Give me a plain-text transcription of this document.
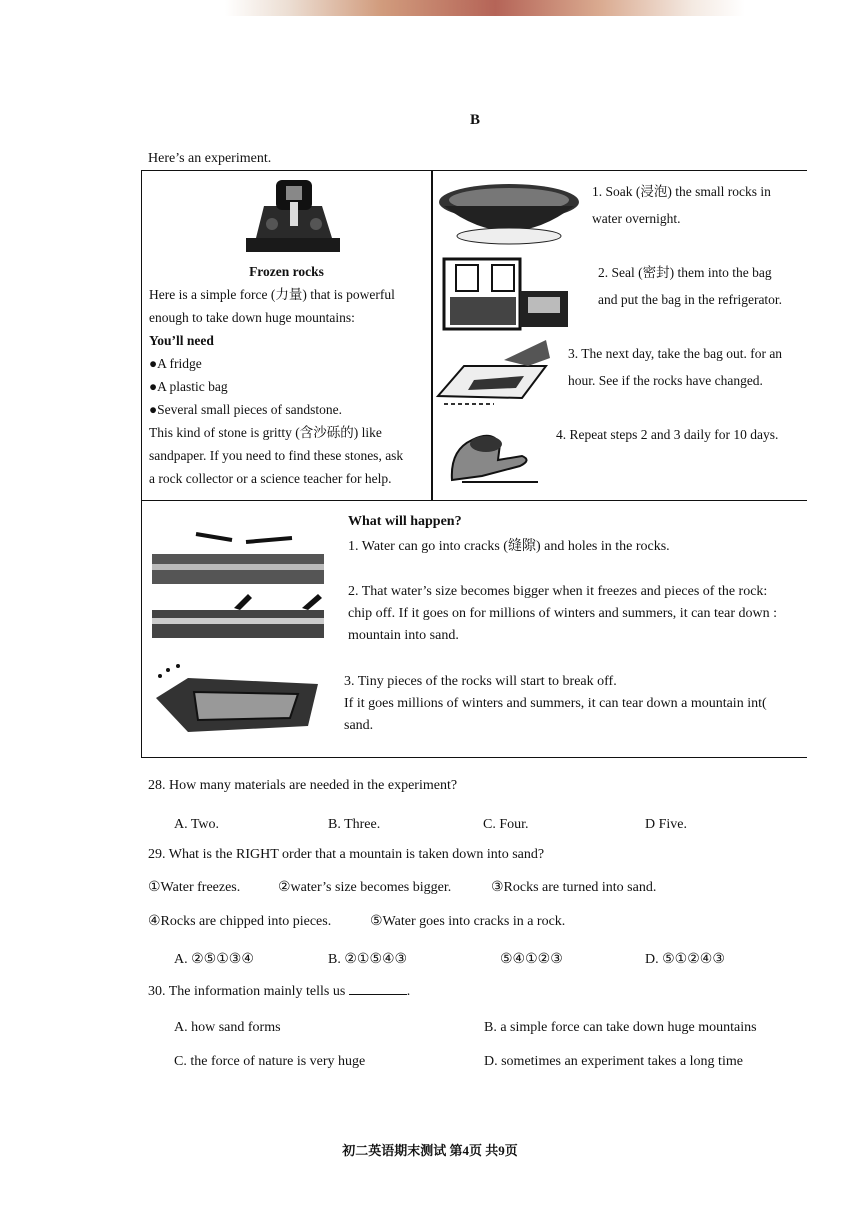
B
Here’s an experiment.
Frozen rocks
Here is a simple force (力量) that is powerful
enough to take down huge mountains:
You’ll need
●A fridge
●A plastic bag
●Several small pieces of sandstone.
This kind of stone is gritty (含沙砾的) like
sandpaper. If you need to find these stones, ask
a rock collector or a science teacher for help.
1. Soak (浸泡) the small rocks in
water overnight.
2. Seal (密封) them into the bag
and put the bag in the refrigerator.
3. The next day, take the bag out. for an
hour. See if the rocks have changed.
4. Repeat steps 2 and 3 daily for 10 days.
What will happen?
1. Water can go into cracks (缝隙) and holes in the rocks.
2. That water’s size becomes bigger when it freezes and pieces of the rock:
chip off. If it goes on for millions of winters and summers, it can tear down :
mountain into sand.
3. Tiny pieces of the rocks will start to break off.
If it goes millions of winters and summers, it can tear down a mountain int(
sand.
28. How many materials are needed in the experiment?
A. Two.	B. Three.	C. Four.	D Five.
29. What is the RIGHT order that a mountain is taken down into sand?
①Water freezes.	②water’s size becomes bigger.	③Rocks are turned into sand.
④Rocks are chipped into pieces.	⑤Water goes into cracks in a rock.
A. ②⑤①③④	B. ②①⑤④③	⑤④①②③	D. ⑤①②④③
30. The information mainly tells us	.
A. how sand forms	B. a simple force can take down huge mountains
C. the force of nature is very huge	D. sometimes an experiment takes a long time
初二英语期末测试 第4页 共9页
